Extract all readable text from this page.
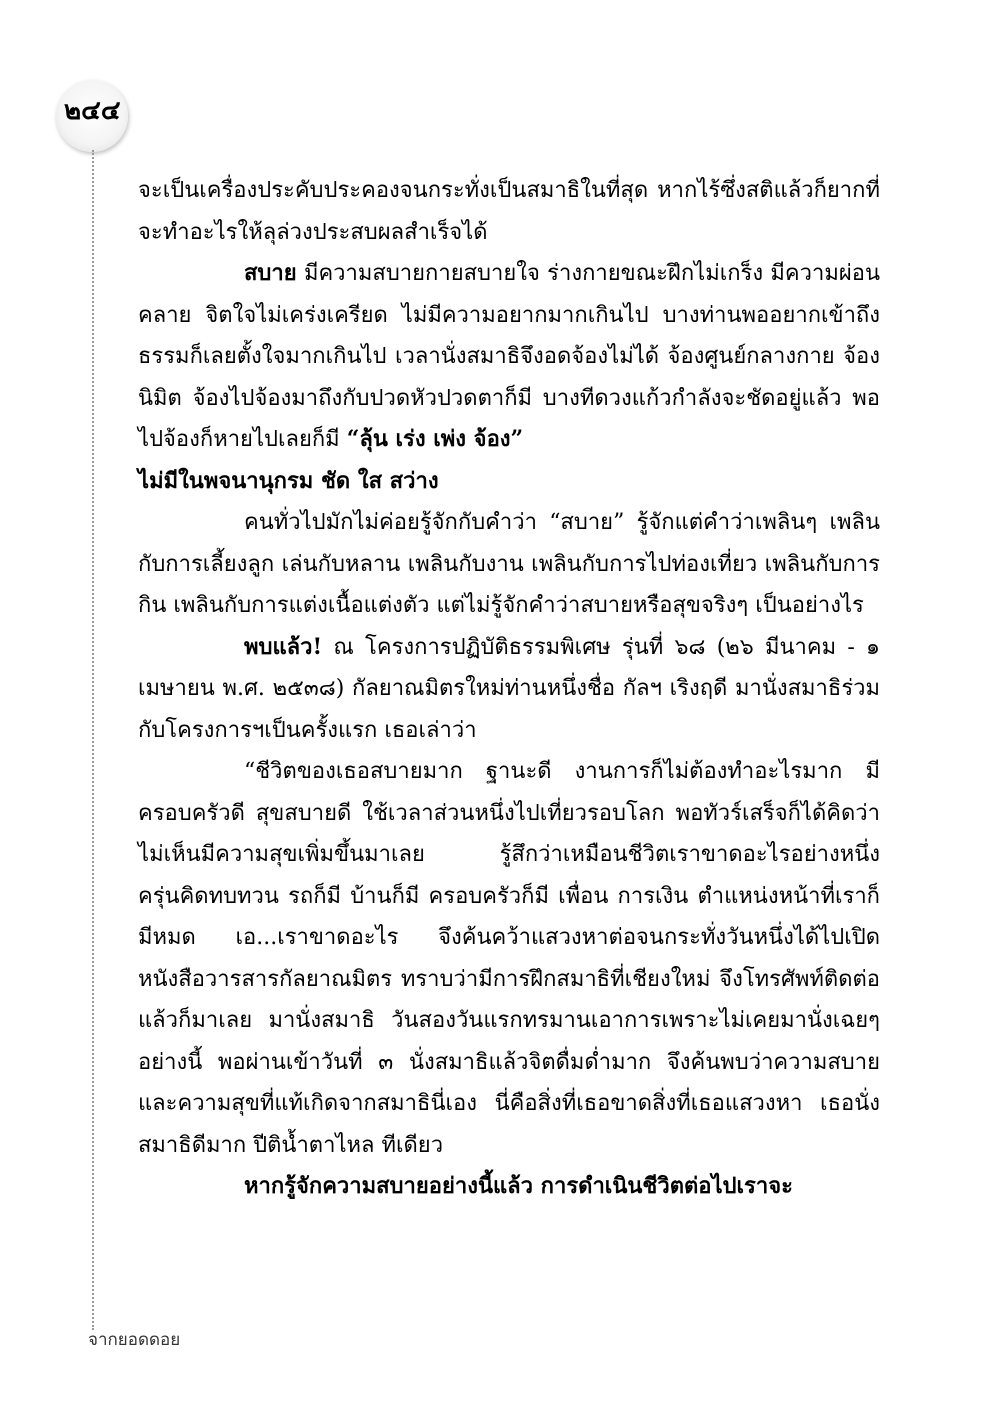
๒๔๔

จะเป็นเครื่องประคับประคองจนกระทั่งเป็นสมาธิในที่สุด หากไร้ซึ่งสติแล้วก็ยากที่จะทำอะไรให้ลุล่วงประสบผลสำเร็จได้

สบาย มีความสบายกายสบายใจ ร่างกายขณะฝึกไม่เกร็ง มีความผ่อนคลาย จิตใจไม่เคร่งเครียด ไม่มีความอยากมากเกินไป บางท่านพออยากเข้าถึงธรรมก็เลยตั้งใจมากเกินไป เวลานั่งสมาธิจึงอดจ้องไม่ได้ จ้องศูนย์กลางกาย จ้องนิมิต จ้องไปจ้องมาถึงกับปวดหัวปวดตาก็มี บางทีดวงแก้วกำลังจะชัดอยู่แล้ว พอไปจ้องก็หายไปเลยก็มี “ลุ้น เร่ง เพ่ง จ้อง”

ไม่มีในพจนานุกรม ชัด ใส สว่าง

คนทั่วไปมักไม่ค่อยรู้จักกับคำว่า “สบาย” รู้จักแต่คำว่าเพลินๆ เพลินกับการเลี้ยงลูก เล่นกับหลาน เพลินกับงาน เพลินกับการไปท่องเที่ยว เพลินกับการกิน เพลินกับการแต่งเนื้อแต่งตัว แต่ไม่รู้จักคำว่าสบายหรือสุขจริงๆ เป็นอย่างไร

พบแล้ว! ณ โครงการปฏิบัติธรรมพิเศษ รุ่นที่ ๖๘ (๒๖ มีนาคม - ๑ เมษายน พ.ศ. ๒๕๓๘) กัลยาณมิตรใหม่ท่านหนึ่งชื่อ กัลฯ เริงฤดี มานั่งสมาธิร่วมกับโครงการฯเป็นครั้งแรก เธอเล่าว่า

“ชีวิตของเธอสบายมาก ฐานะดี งานการก็ไม่ต้องทำอะไรมาก มีครอบครัวดี สุขสบายดี ใช้เวลาส่วนหนึ่งไปเที่ยวรอบโลก พอทัวร์เสร็จก็ได้คิดว่าไม่เห็นมีความสุขเพิ่มขึ้นมาเลย รู้สึกว่าเหมือนชีวิตเราขาดอะไรอย่างหนึ่ง ครุ่นคิดทบทวน รถก็มี บ้านก็มี ครอบครัวก็มี เพื่อน การเงิน ตำแหน่งหน้าที่เราก็มีหมด เอ...เราขาดอะไร จึงค้นคว้าแสวงหาต่อจนกระทั่งวันหนึ่งได้ไปเปิดหนังสือวารสารกัลยาณมิตร ทราบว่ามีการฝึกสมาธิที่เชียงใหม่ จึงโทรศัพท์ติดต่อแล้วก็มาเลย มานั่งสมาธิ วันสองวันแรกทรมานเอาการเพราะไม่เคยมานั่งเฉยๆ อย่างนี้ พอผ่านเข้าวันที่ ๓ นั่งสมาธิแล้วจิตดื่มด่ำมาก จึงค้นพบว่าความสบายและความสุขที่แท้เกิดจากสมาธินี่เอง นี่คือสิ่งที่เธอขาดสิ่งที่เธอแสวงหา เธอนั่งสมาธิดีมาก ปีติน้ำตาไหล ทีเดียว

หากรู้จักความสบายอย่างนี้แล้ว การดำเนินชีวิตต่อไปเราจะ

จากยอดดอย
